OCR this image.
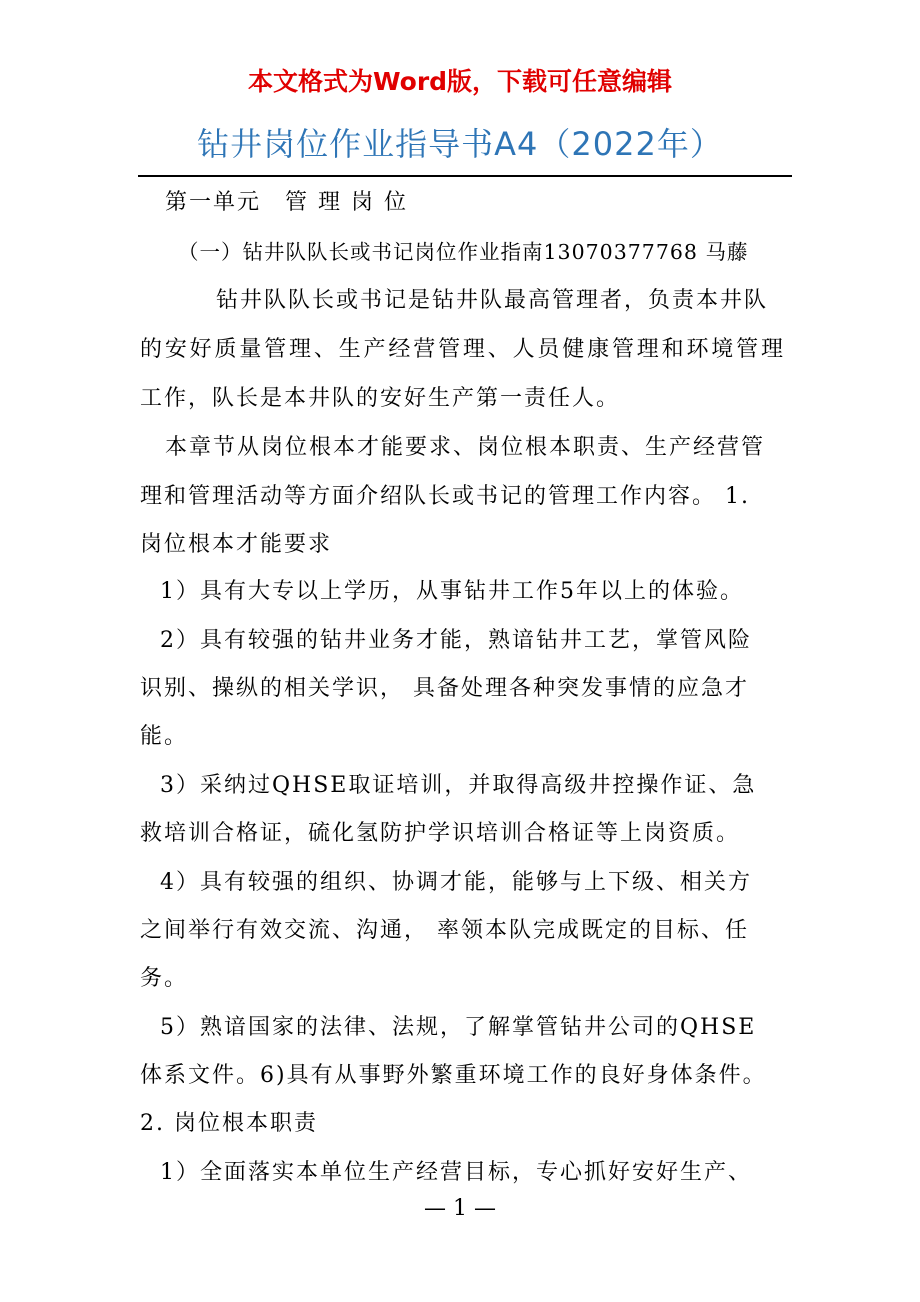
本文格式为Word版，下载可任意编辑
钻井岗位作业指导书A4（2022年）
第一单元　管 理 岗 位
（一）钻井队队长或书记岗位作业指南13070377768 马藤
钻井队队长或书记是钻井队最高管理者，负责本井队
的安好质量管理、生产经营管理、人员健康管理和环境管理
工作，队长是本井队的安好生产第一责任人。
本章节从岗位根本才能要求、岗位根本职责、生产经营管
理和管理活动等方面介绍队长或书记的管理工作内容。 1.
岗位根本才能要求
1）具有大专以上学历，从事钻井工作5年以上的体验。
2）具有较强的钻井业务才能，熟谙钻井工艺，掌管风险
识别、操纵的相关学识， 具备处理各种突发事情的应急才
能。
3）采纳过QHSE取证培训，并取得高级井控操作证、急
救培训合格证，硫化氢防护学识培训合格证等上岗资质。
4）具有较强的组织、协调才能，能够与上下级、相关方
之间举行有效交流、沟通， 率领本队完成既定的目标、任
务。
5）熟谙国家的法律、法规，了解掌管钻井公司的QHSE
体系文件。6)具有从事野外繁重环境工作的良好身体条件。
2. 岗位根本职责
1）全面落实本单位生产经营目标，专心抓好安好生产、
— 1 —
